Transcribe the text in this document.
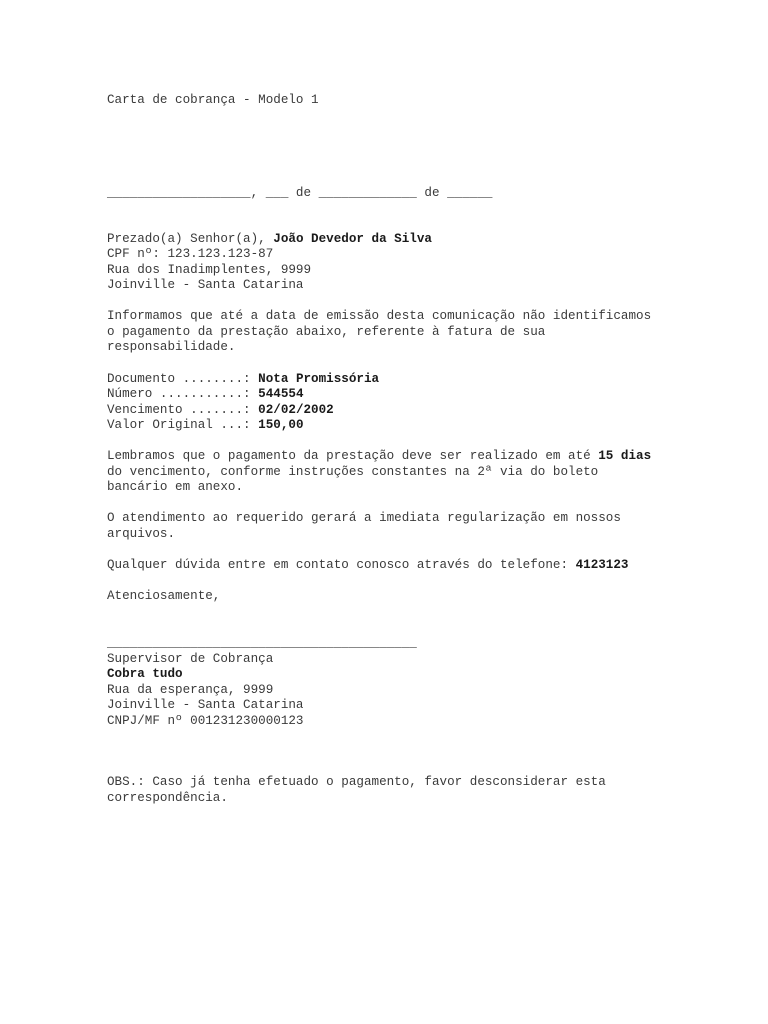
Carta de cobrança - Modelo 1
___________________, ___ de _____________ de ______
Prezado(a) Senhor(a), João Devedor da Silva
CPF nº: 123.123.123-87
Rua dos Inadimplentes, 9999
Joinville - Santa Catarina
Informamos que até a data de emissão desta comunicação não identificamos
o pagamento da prestação abaixo, referente à fatura de sua
responsabilidade.
Documento ........: Nota Promissória
Número ...........: 544554
Vencimento .......: 02/02/2002
Valor Original ...: 150,00
Lembramos que o pagamento da prestação deve ser realizado em até 15 dias
do vencimento, conforme instruções constantes na 2ª via do boleto
bancário em anexo.
O atendimento ao requerido gerará a imediata regularização em nossos
arquivos.
Qualquer dúvida entre em contato conosco através do telefone: 4123123
Atenciosamente,
_________________________________________
Supervisor de Cobrança
Cobra tudo
Rua da esperança, 9999
Joinville - Santa Catarina
CNPJ/MF nº 001231230000123
OBS.: Caso já tenha efetuado o pagamento, favor desconsiderar esta
correspondência.
